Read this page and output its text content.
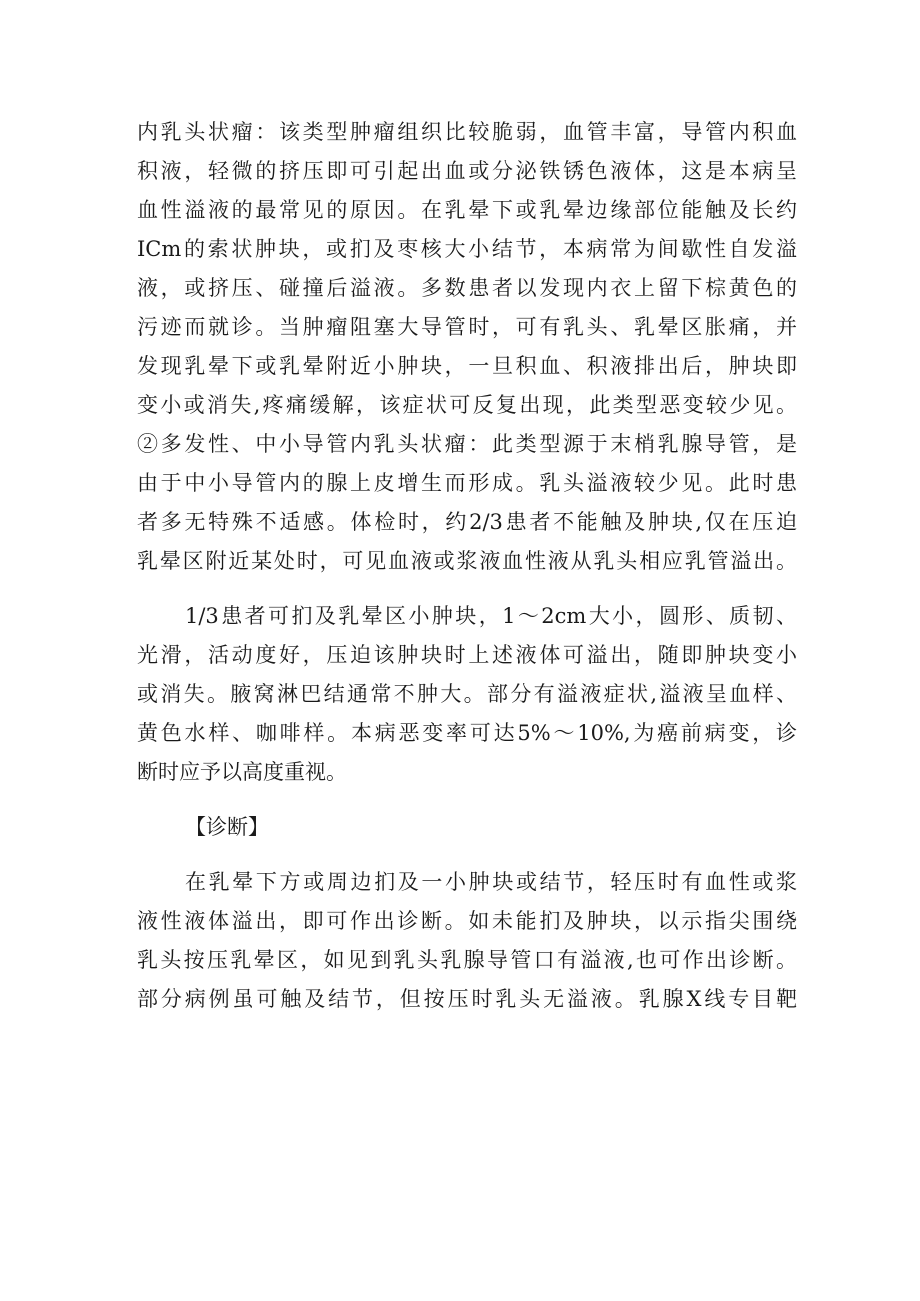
内乳头状瘤：该类型肿瘤组织比较脆弱，血管丰富，导管内积血
积液，轻微的挤压即可引起出血或分泌铁锈色液体，这是本病呈
血性溢液的最常见的原因。在乳晕下或乳晕边缘部位能触及长约
ICm的索状肿块，或扪及枣核大小结节，本病常为间歇性自发溢
液，或挤压、碰撞后溢液。多数患者以发现内衣上留下棕黄色的
污迹而就诊。当肿瘤阻塞大导管时，可有乳头、乳晕区胀痛，并
发现乳晕下或乳晕附近小肿块，一旦积血、积液排出后，肿块即
变小或消失,疼痛缓解，该症状可反复出现，此类型恶变较少见。
②多发性、中小导管内乳头状瘤：此类型源于末梢乳腺导管，是
由于中小导管内的腺上皮增生而形成。乳头溢液较少见。此时患
者多无特殊不适感。体检时，约2/3患者不能触及肿块,仅在压迫
乳晕区附近某处时，可见血液或浆液血性液从乳头相应乳管溢出。
1/3患者可扪及乳晕区小肿块，1～2cm大小，圆形、质韧、
光滑，活动度好，压迫该肿块时上述液体可溢出，随即肿块变小
或消失。腋窝淋巴结通常不肿大。部分有溢液症状,溢液呈血样、
黄色水样、咖啡样。本病恶变率可达5%～10%,为癌前病变，诊
断时应予以高度重视。
【诊断】
在乳晕下方或周边扪及一小肿块或结节，轻压时有血性或浆
液性液体溢出，即可作出诊断。如未能扪及肿块，以示指尖围绕
乳头按压乳晕区，如见到乳头乳腺导管口有溢液,也可作出诊断。
部分病例虽可触及结节，但按压时乳头无溢液。乳腺X线专目靶
